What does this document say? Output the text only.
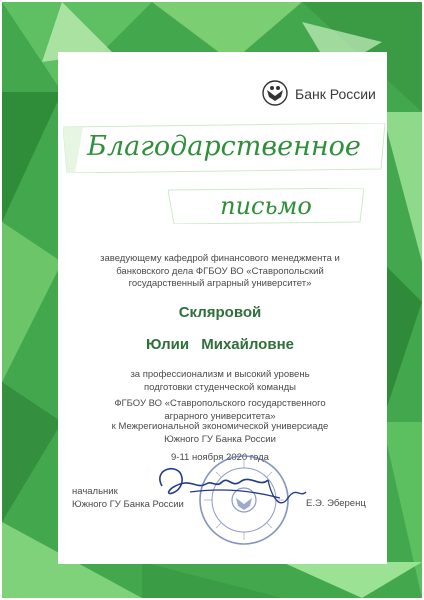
Банк России
Благодарственное
письмо
заведующему кафедрой финансового менеджмента и
банковского дела ФГБОУ ВО «Ставропольский
государственный аграрный университет»
Скляровой
Юлии Михайловне
за профессионализм и высокий уровень
подготовки студенческой команды
ФГБОУ ВО «Ставропольского государственного
аграрного университета»
к Межрегиональной экономической универсиаде
Южного ГУ Банка России
9-11 ноября 2020 года
начальник
Южного ГУ Банка России	Е.Э. Эберенц
